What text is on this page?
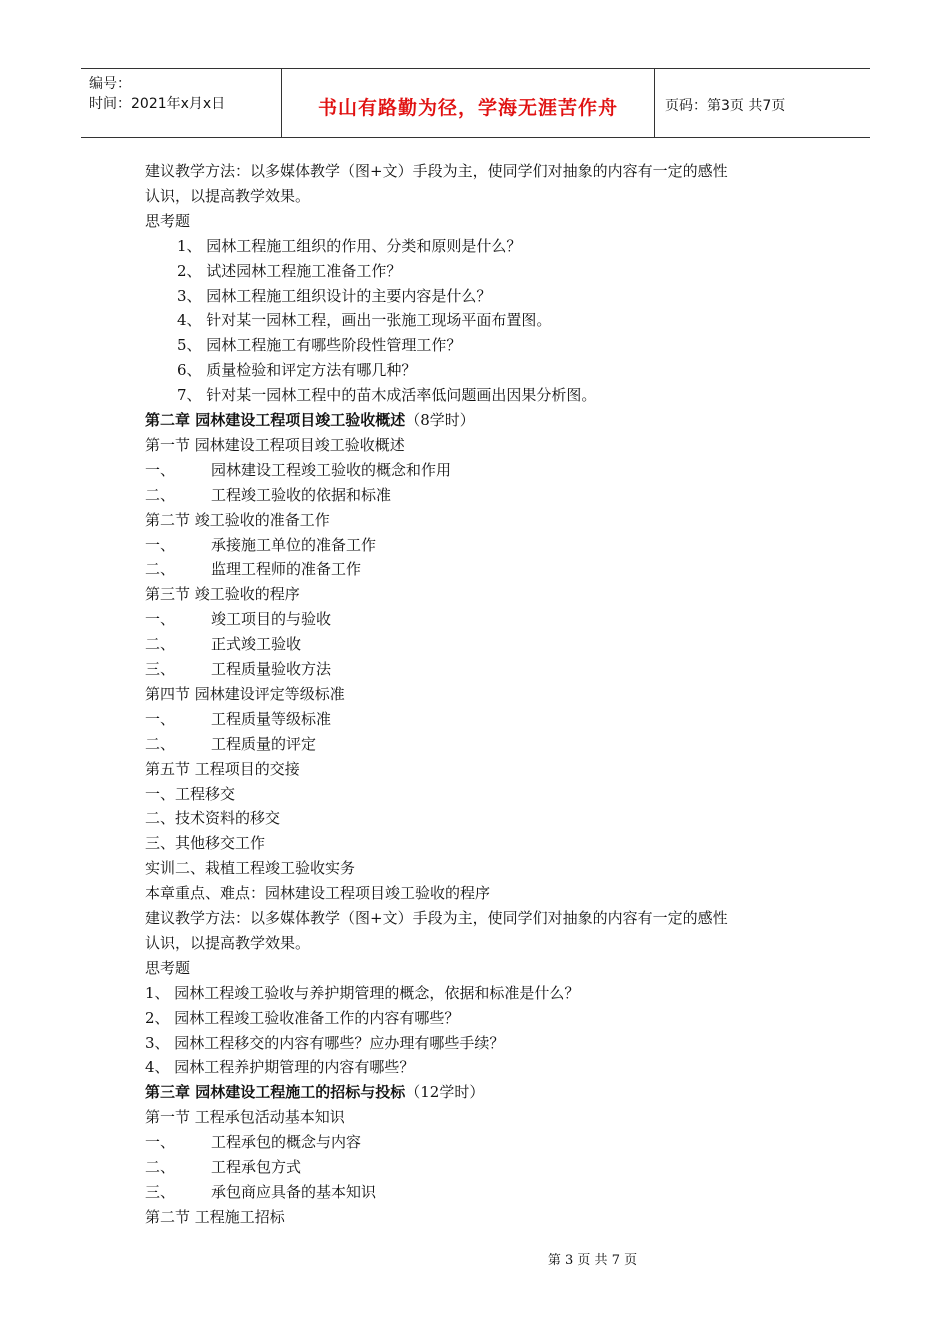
编号：
时间：2021年x月x日	书山有路勤为径，学海无涯苦作舟	页码：第3页 共7页
建议教学方法：以多媒体教学（图+文）手段为主，使同学们对抽象的内容有一定的感性
认识，以提高教学效果。
思考题
1、 园林工程施工组织的作用、分类和原则是什么？
2、 试述园林工程施工准备工作？
3、 园林工程施工组织设计的主要内容是什么？
4、 针对某一园林工程，画出一张施工现场平面布置图。
5、 园林工程施工有哪些阶段性管理工作？
6、 质量检验和评定方法有哪几种？
7、 针对某一园林工程中的苗木成活率低问题画出因果分析图。
第二章 园林建设工程项目竣工验收概述（8学时）
第一节 园林建设工程项目竣工验收概述
一、 园林建设工程竣工验收的概念和作用
二、 工程竣工验收的依据和标准
第二节 竣工验收的准备工作
一、 承接施工单位的准备工作
二、 监理工程师的准备工作
第三节 竣工验收的程序
一、 竣工项目的与验收
二、 正式竣工验收
三、 工程质量验收方法
第四节 园林建设评定等级标准
一、 工程质量等级标准
二、 工程质量的评定
第五节 工程项目的交接
一、工程移交
二、技术资料的移交
三、其他移交工作
实训二、栽植工程竣工验收实务
本章重点、难点：园林建设工程项目竣工验收的程序
建议教学方法：以多媒体教学（图+文）手段为主，使同学们对抽象的内容有一定的感性
认识，以提高教学效果。
思考题
1、 园林工程竣工验收与养护期管理的概念，依据和标准是什么？
2、 园林工程竣工验收准备工作的内容有哪些？
3、 园林工程移交的内容有哪些？应办理有哪些手续？
4、 园林工程养护期管理的内容有哪些？
第三章 园林建设工程施工的招标与投标（12学时）
第一节 工程承包活动基本知识
一、 工程承包的概念与内容
二、 工程承包方式
三、 承包商应具备的基本知识
第二节 工程施工招标
第 3 页 共 7 页
